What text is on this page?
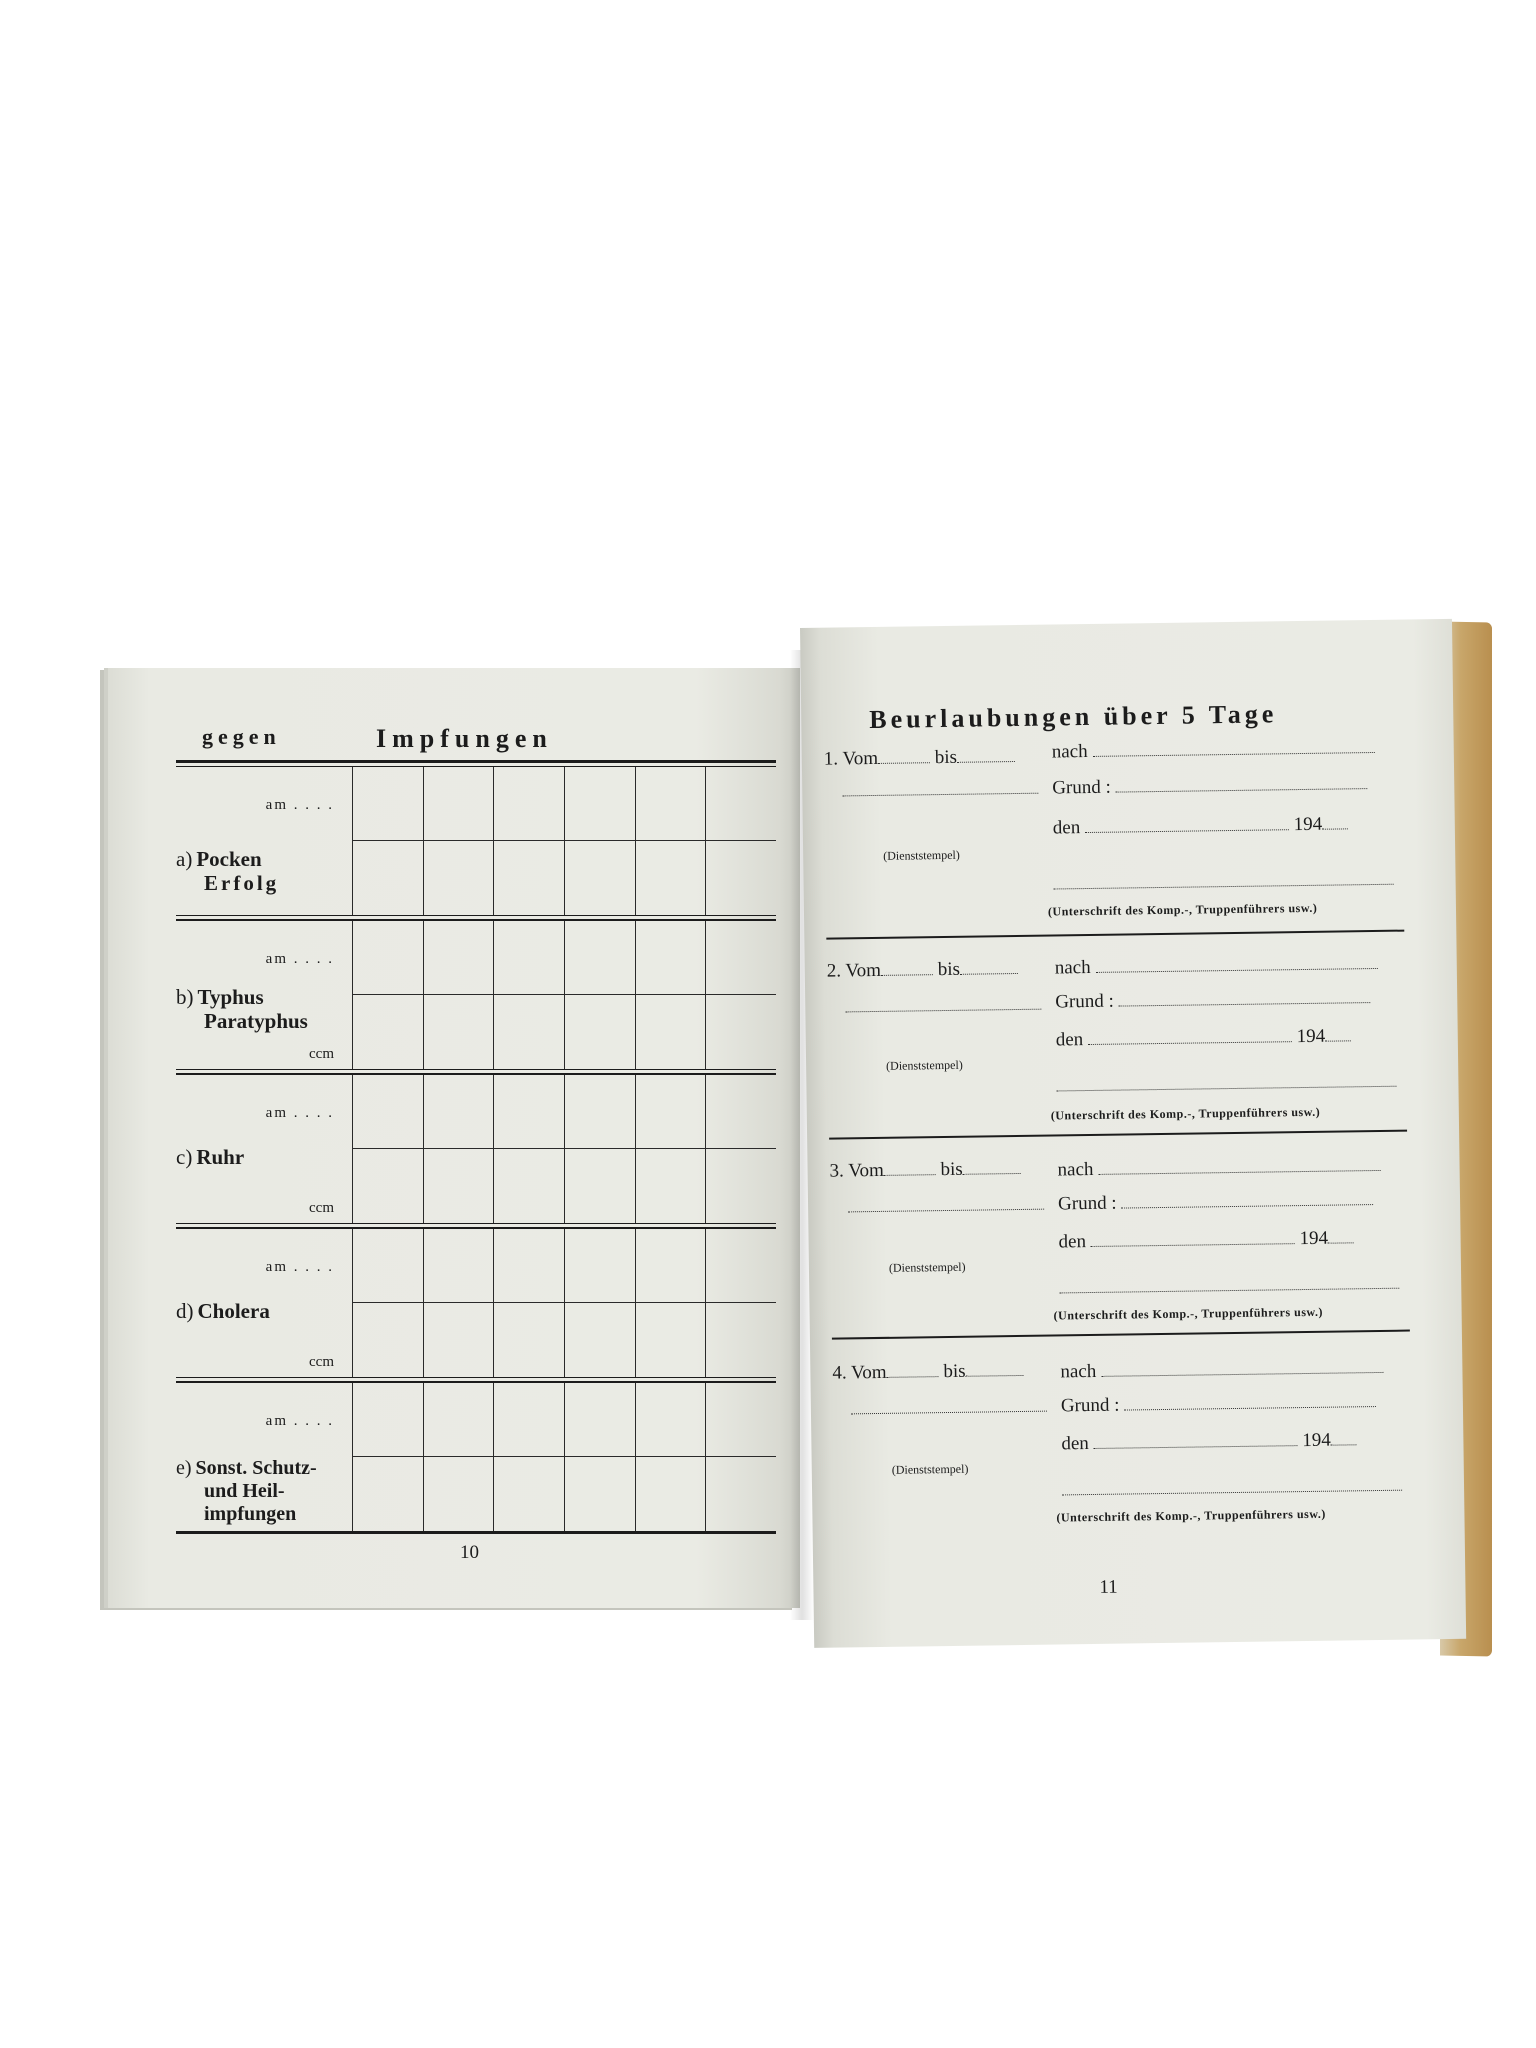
gegen	Impfungen
am . . . .
a) Pocken
Erfolg
am . . . .
b) Typhus
Paratyphus
ccm
am . . . .
c) Ruhr
ccm
am . . . .
d) Cholera
ccm
am . . . .
e) Sonst. Schutz-
und Heil-
impfungen
10
Beurlaubungen über 5 Tage
1. Vom	bis	nach
Grund :
den	194
(Dienststempel)
(Unterschrift des Komp.-, Truppenführers usw.)
2. Vom	bis	nach
Grund :
den	194
(Dienststempel)
(Unterschrift des Komp.-, Truppenführers usw.)
3. Vom	bis	nach
Grund :
den	194
(Dienststempel)
(Unterschrift des Komp.-, Truppenführers usw.)
4. Vom	bis	nach
Grund :
den	194
(Dienststempel)
(Unterschrift des Komp.-, Truppenführers usw.)
11
